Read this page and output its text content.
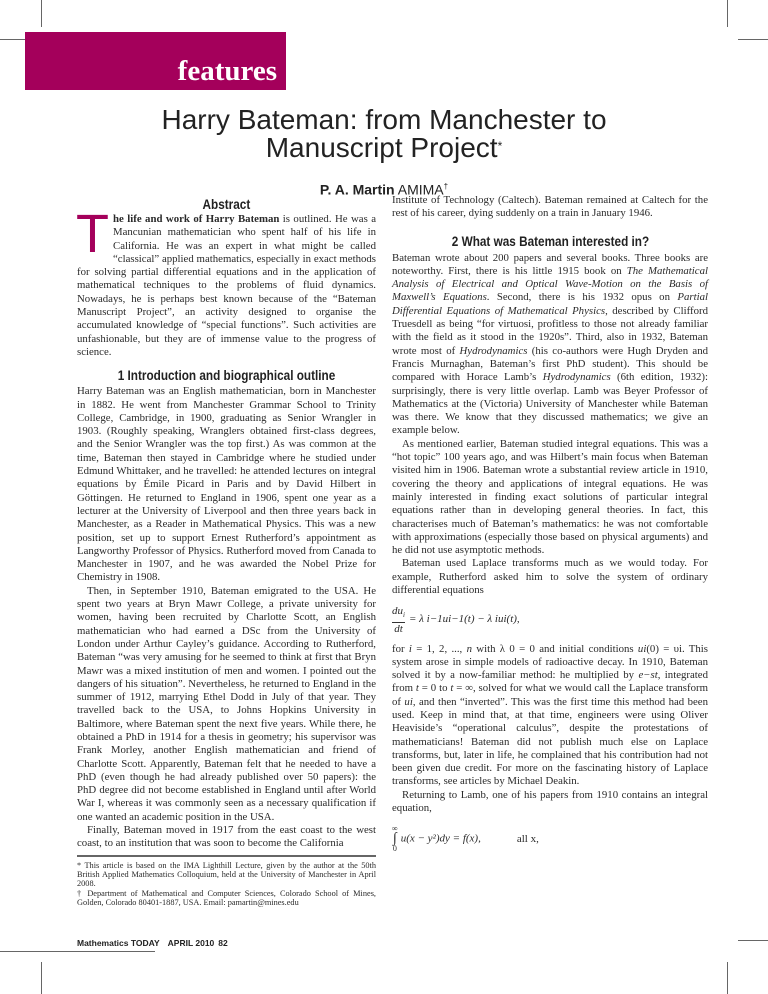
features
Harry Bateman: from Manchester to
Manuscript Project*
P. A. Martin AMIMA†
Abstract

The life and work of Harry Bateman is outlined. He was a Mancunian mathematician who spent half of his life in California. He was an expert in what might be called “classical” applied mathematics, especially in exact methods for solving partial differential equations and in the application of mathematical techniques to the problems of fluid dynamics. Nowadays, he is perhaps best known because of the “Bateman Manuscript Project”, an activity designed to organise the accumulated knowledge of “special functions”. Such activities are unfashionable, but they are of immense value to the progress of science.

1 Introduction and biographical outline

Harry Bateman was an English mathematician, born in Manchester in 1882. He went from Manchester Grammar School to Trinity College, Cambridge, in 1900, graduating as Senior Wrangler in 1903. (Roughly speaking, Wranglers obtained first-class degrees, and the Senior Wrangler was the top first.) As was common at the time, Bateman then stayed in Cambridge where he studied under Edmund Whittaker, and he travelled: he attended lectures on integral equations by Émile Picard in Paris and by David Hilbert in Göttingen. He returned to England in 1906, spent one year as a lecturer at the University of Liverpool and then three years back in Manchester, as a Reader in Mathematical Physics. This was a new position, set up to support Ernest Rutherford’s appointment as Langworthy Professor of Physics. Rutherford moved from Canada to Manchester in 1907, and he was awarded the Nobel Prize for Chemistry in 1908.

Then, in September 1910, Bateman emigrated to the USA. He spent two years at Bryn Mawr College, a private university for women, having been recruited by Charlotte Scott, an English mathematician who had earned a DSc from the University of London under Arthur Cayley’s guidance. According to Rutherford, Bateman “was very amusing for he seemed to think at first that Bryn Mawr was a mixed institution of men and women. I pointed out the dangers of his situation”. Nevertheless, he returned to England in the summer of 1912, marrying Ethel Dodd in July of that year. They travelled back to the USA, to Johns Hopkins University in Baltimore, where Bateman spent the next five years. While there, he obtained a PhD in 1914 for a thesis in geometry; his supervisor was Frank Morley, another English mathematician and friend of Charlotte Scott. Apparently, Bateman felt that he needed to have a PhD (even though he had already published over 50 papers): the PhD degree did not become established in England until after World War I, whereas it was commonly seen as a necessary qualification if one wanted an academic position in the USA.

Finally, Bateman moved in 1917 from the east coast to the west coast, to an institution that was soon to become the California

* This article is based on the IMA Lighthill Lecture, given by the author at the 50th British Applied Mathematics Colloquium, held at the University of Manchester in April 2008.

† Department of Mathematical and Computer Sciences, Colorado School of Mines, Golden, Colorado 80401-1887, USA. Email: pamartin@mines.edu

Mathematics TODAY APRIL 2010 82

Institute of Technology (Caltech). Bateman remained at Caltech for the rest of his career, dying suddenly on a train in January 1946.

2 What was Bateman interested in?

Bateman wrote about 200 papers and several books. Three books are noteworthy. First, there is his little 1915 book on The Mathematical Analysis of Electrical and Optical Wave-Motion on the Basis of Maxwell’s Equations. Second, there is his 1932 opus on Partial Differential Equations of Mathematical Physics, described by Clifford Truesdell as being “for virtuosi, profitless to those not already familiar with the field as it stood in the 1920s”. Third, also in 1932, Bateman wrote most of Hydrodynamics (his co-authors were Hugh Dryden and Francis Murnaghan, Bateman’s first PhD student). This should be compared with Horace Lamb’s Hydrodynamics (6th edition, 1932): surprisingly, there is very little overlap. Lamb was Beyer Professor of Mathematics at the (Victoria) University of Manchester while Bateman was there. We know that they discussed mathematics; we give an example below.

As mentioned earlier, Bateman studied integral equations. This was a “hot topic” 100 years ago, and was Hilbert’s main focus when Bateman visited him in 1906. Bateman wrote a substantial review article in 1910, covering the theory and applications of integral equations. He was mainly interested in finding exact solutions of particular integral equations rather than in developing general theories. In fact, this characterises much of Bateman’s mathematics: he was not comfortable with approximations (especially those based on physical arguments) and he did not use asymptotic methods.

Bateman used Laplace transforms much as we would today. For example, Rutherford asked him to solve the system of ordinary differential equations

$\frac{du_i}{dt} = \lambda$ i−1ui−1(t) − λ iui(t),

for i = 1, 2, ..., n with λ 0 = 0 and initial conditions ui(0) = υi. This system arose in simple models of radioactive decay. In 1910, Bateman solved it by a now-familiar method: he multiplied by e−st, integrated from t = 0 to t = ∞, solved for what we would call the Laplace transform of ui, and then “inverted”. This was the first time this method had been used. Keep in mind that, at that time, engineers were using Oliver Heaviside’s “operational calculus”, despite the protestations of mathematicians! Bateman did not publish much else on Laplace transforms, but, later in life, he complained that his contribution had not been given due credit. For more on the fascinating history of Laplace transforms, see articles by Michael Deakin.

Returning to Lamb, one of his papers from 1910 contains an integral equation,

∞
∫
0
u(x − y²)dy = f(x),	all x,
